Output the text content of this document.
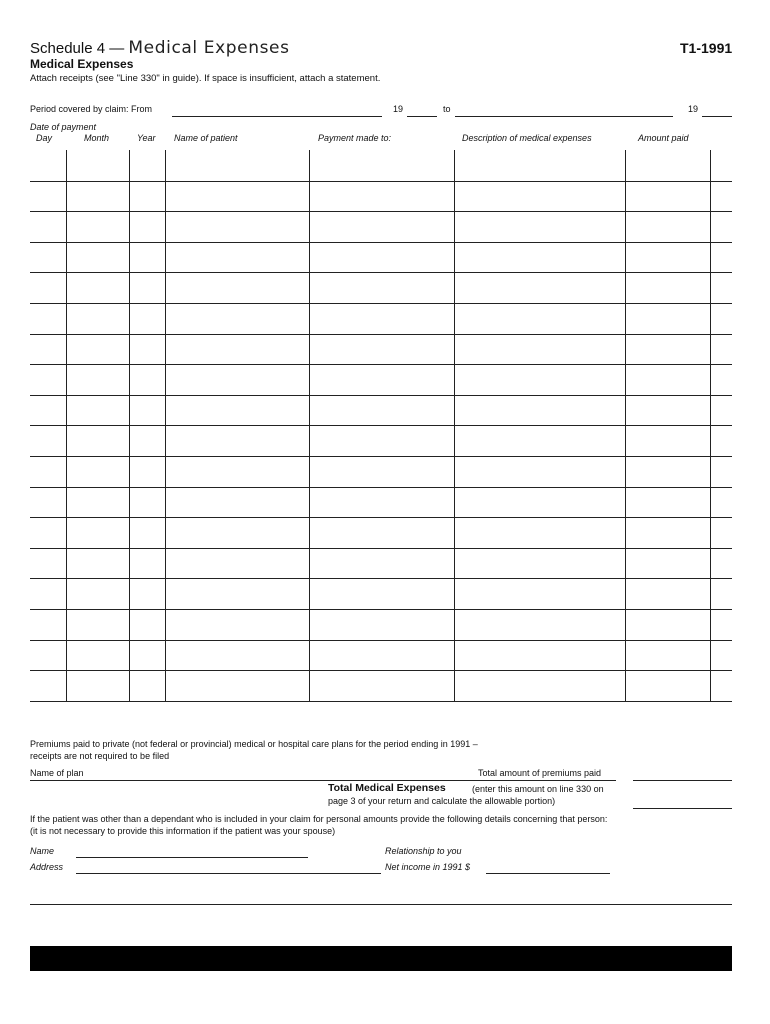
Schedule 4 — Medical Expenses	T1-1991
Medical Expenses
Attach receipts (see "Line 330" in guide). If space is insufficient, attach a statement.
Period covered by claim: From	19	to	19
Date of payment
Day	Month	Year Name of patient	Payment made to:	Description of medical expenses	Amount paid
Premiums paid to private (not federal or provincial) medical or hospital care plans for the period ending in 1991 –
receipts are not required to be filed
Name of plan	Total amount of premiums paid
Total Medical Expenses	(enter this amount on line 330 on
page 3 of your return and calculate the allowable portion)
If the patient was other than a dependant who is included in your claim for personal amounts provide the following details concerning that person:
(it is not necessary to provide this information if the patient was your spouse)
Name	Relationship to you
Address	Net income in 1991 $
